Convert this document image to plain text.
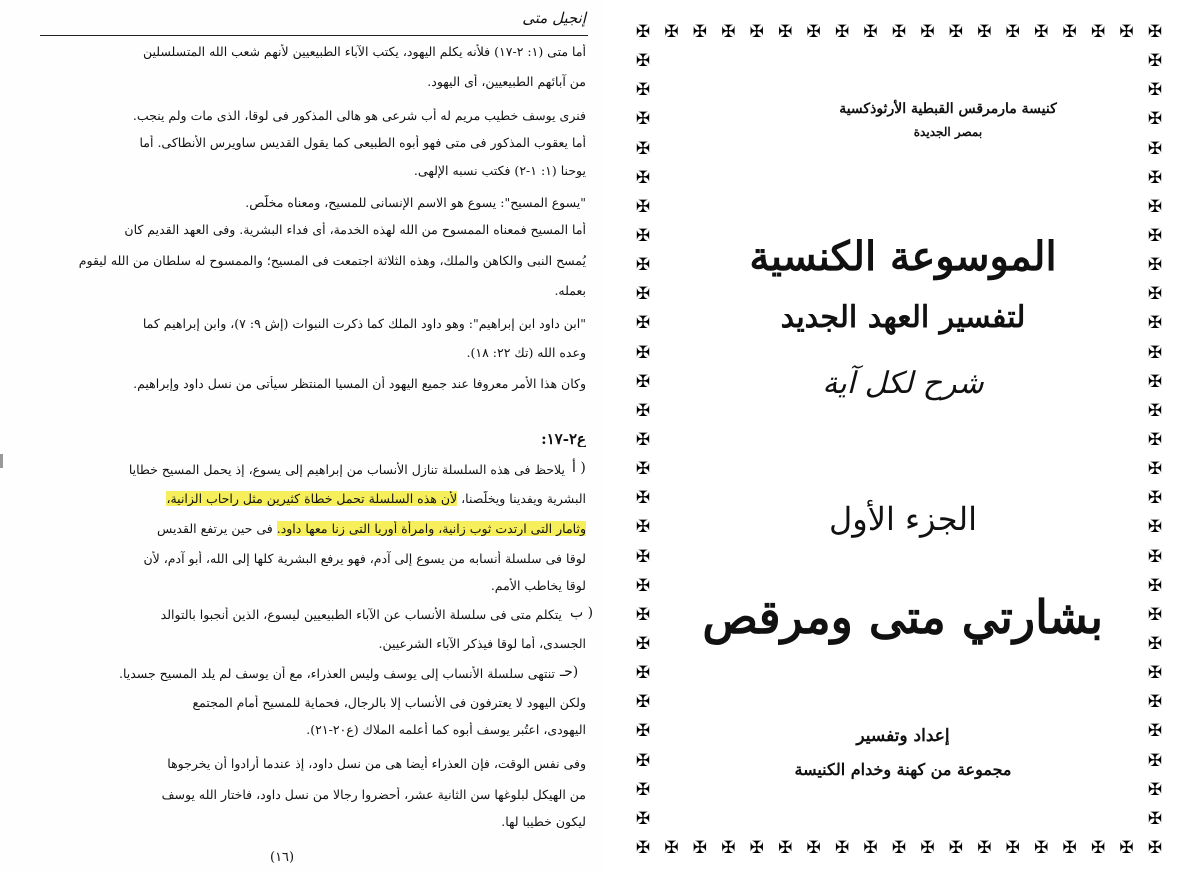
إنجيل متى
أما متى (١: ٢-١٧) فلأنه يكلم اليهود، يكتب الآباء الطبيعيين لأنهم شعب الله المتسلسلين
من آبائهم الطبيعيين، أى اليهود.
فنرى يوسف خطيب مريم له أب شرعى هو هالى المذكور فى لوقا، الذى مات ولم ينجب.
أما يعقوب المذكور فى متى فهو أبوه الطبيعى كما يقول القديس ساويرس الأنطاكى. أما
يوحنا (١: ١-٢) فكتب نسبه الإلهى.
"يسوع المسيح": يسوع هو الاسم الإنسانى للمسيح، ومعناه مخلّص.
أما المسيح فمعناه الممسوح من الله لهذه الخدمة، أى فداء البشرية. وفى العهد القديم كان
يُمسح النبى والكاهن والملك، وهذه الثلاثة اجتمعت فى المسيح؛ والممسوح له سلطان من الله ليقوم
بعمله.
"ابن داود ابن إبراهيم": وهو داود الملك كما ذكرت النبوات (إش ٩: ٧)، وابن إبراهيم كما
وعده الله (تك ٢٢: ١٨).
وكان هذا الأمر معروفا عند جميع اليهود أن المسيا المنتظر سيأتى من نسل داود وإبراهيم.
ع٢-١٧:
أ )
يلاحظ فى هذه السلسلة تنازل الأنساب من إبراهيم إلى يسوع، إذ يحمل المسيح خطايا
البشرية ويفدينا ويخلّصنا، لأن هذه السلسلة تحمل خطاة كثيرين مثل راحاب الزانية،
وثامار التى ارتدت ثوب زانية، وامرأة أوريا التى زنا معها داود. فى حين يرتفع القديس
لوقا فى سلسلة أنسابه من يسوع إلى آدم، فهو يرفع البشرية كلها إلى الله، أبو آدم، لأن
لوقا يخاطب الأمم.
ب )
يتكلم متى فى سلسلة الأنساب عن الآباء الطبيعيين ليسوع، الذين أُنجبوا بالتوالد
الجسدى، أما لوقا فيذكر الآباء الشرعيين.
حـ)
تنتهى سلسلة الأنساب إلى يوسف وليس العذراء، مع أن يوسف لم يلد المسيح جسديا.
ولكن اليهود لا يعترفون فى الأنساب إلا بالرجال، فحماية للمسيح أمام المجتمع
اليهودى، اعتُبر يوسف أبوه كما أعلمه الملاك (ع٢٠-٢١).
وفى نفس الوقت، فإن العذراء أيضا هى من نسل داود، إذ عندما أرادوا أن يخرجوها
من الهيكل لبلوغها سن الثانية عشر، أحضروا رجالا من نسل داود، فاختار الله يوسف
ليكون خطيبا لها.
(١٦)
✠
✠
✠
✠
✠
✠
✠
✠
✠
✠
✠
✠
✠
✠
✠
✠
✠
✠
✠
✠
✠
✠
✠
✠
✠
✠
✠
✠
✠
✠
✠
✠
✠
✠
✠
✠
✠
✠
✠	✠
✠	✠
✠	✠
✠	✠
✠	✠
✠	✠
✠	✠
✠	✠
✠	✠
✠	✠
✠	✠
✠	✠
✠	✠
✠	✠
✠	✠
✠	✠
✠	✠
✠	✠
✠	✠
✠	✠
✠	✠
✠	✠
✠	✠
✠	✠
✠	✠
✠	✠
✠	✠
كنيسة مارمرقس القبطية الأرثوذكسية
بمصر الجديدة
الموسوعة الكنسية
لتفسير العهد الجديد
شرح لكل آية
الجزء الأول
بشارتي متى ومرقص
إعداد وتفسير
مجموعة من كهنة وخدام الكنيسة
